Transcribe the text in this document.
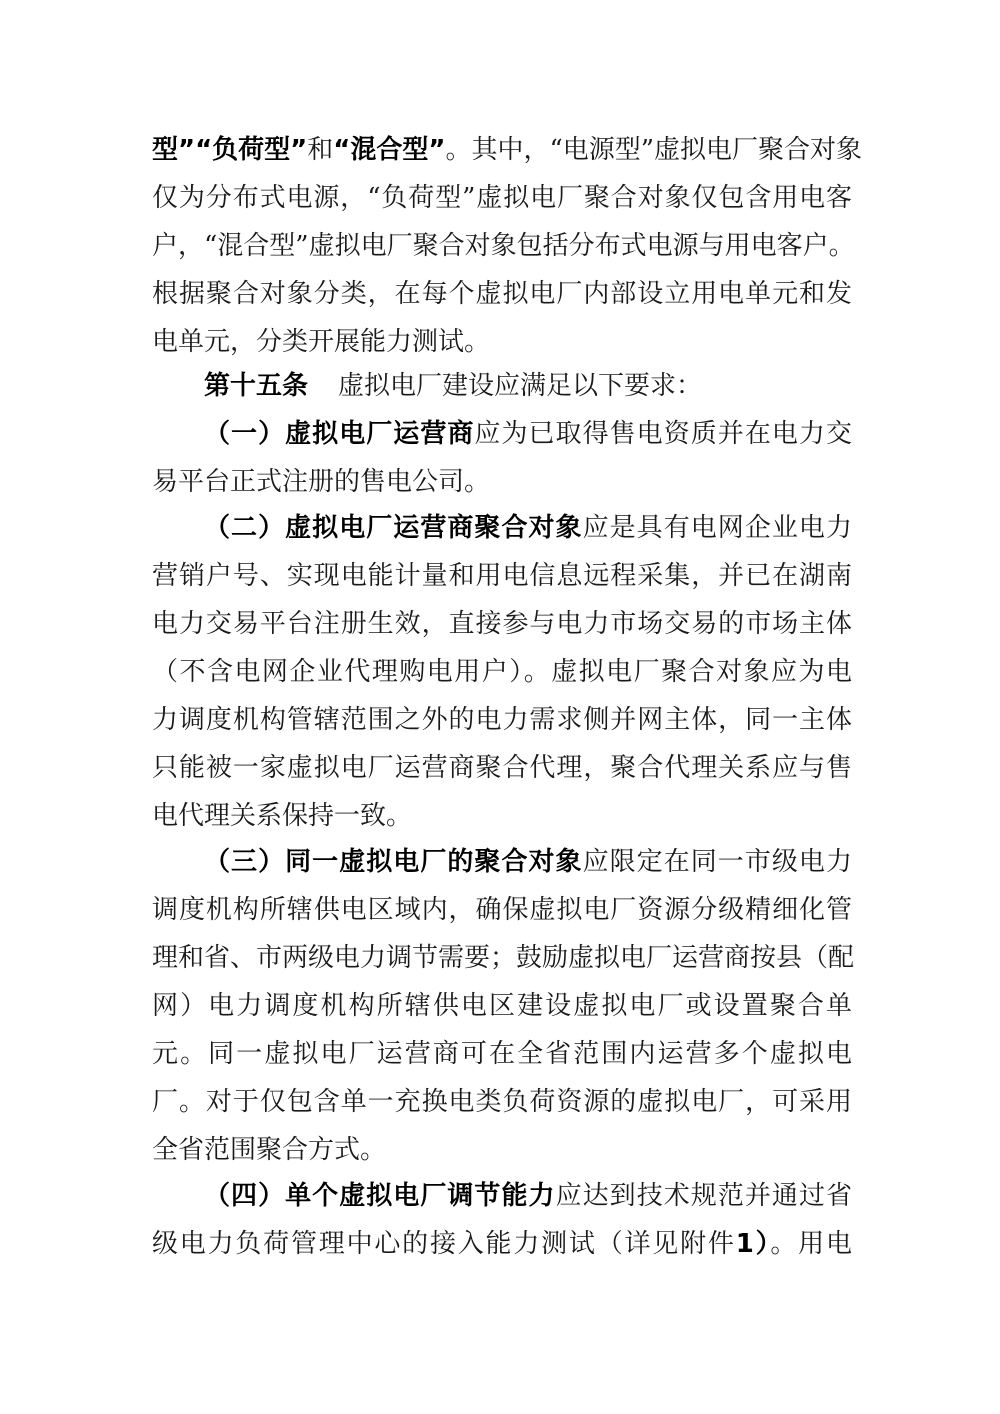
型”“负荷型”和“混合型”。其中，“电源型”虚拟电厂聚合对象
仅为分布式电源，“负荷型”虚拟电厂聚合对象仅包含用电客
户，“混合型”虚拟电厂聚合对象包括分布式电源与用电客户。
根据聚合对象分类，在每个虚拟电厂内部设立用电单元和发
电单元，分类开展能力测试。
第十五条 虚拟电厂建设应满足以下要求：
（一）虚拟电厂运营商应为已取得售电资质并在电力交
易平台正式注册的售电公司。
（二）虚拟电厂运营商聚合对象应是具有电网企业电力
营销户号、实现电能计量和用电信息远程采集，并已在湖南
电力交易平台注册生效，直接参与电力市场交易的市场主体
（不含电网企业代理购电用户）。虚拟电厂聚合对象应为电
力调度机构管辖范围之外的电力需求侧并网主体，同一主体
只能被一家虚拟电厂运营商聚合代理，聚合代理关系应与售
电代理关系保持一致。
（三）同一虚拟电厂的聚合对象应限定在同一市级电力
调度机构所辖供电区域内，确保虚拟电厂资源分级精细化管
理和省、市两级电力调节需要；鼓励虚拟电厂运营商按县（配
网）电力调度机构所辖供电区建设虚拟电厂或设置聚合单
元。同一虚拟电厂运营商可在全省范围内运营多个虚拟电
厂。对于仅包含单一充换电类负荷资源的虚拟电厂，可采用
全省范围聚合方式。
（四）单个虚拟电厂调节能力应达到技术规范并通过省
级电力负荷管理中心的接入能力测试（详见附件1）。用电
